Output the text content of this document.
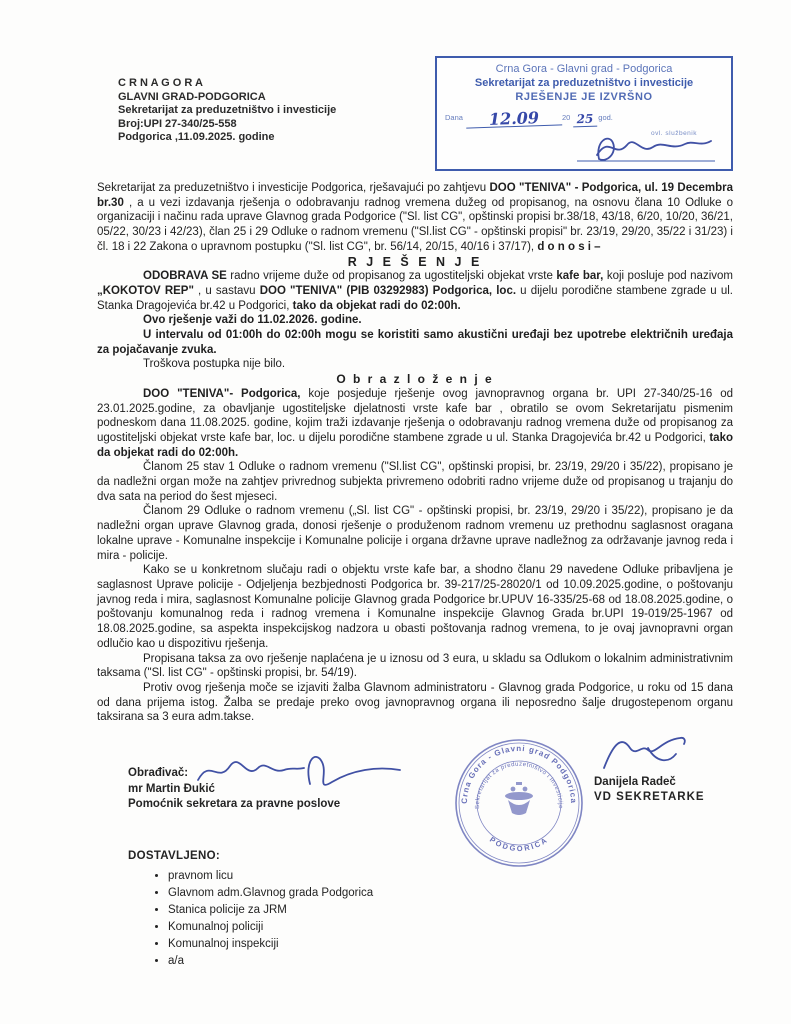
C R N A G O R A
GLAVNI GRAD-PODGORICA
Sekretarijat za preduzetništvo i investicije
Broj:UPI 27-340/25-558
Podgorica ,11.09.2025. godine
Crna Gora - Glavni grad - Podgorica
Sekretarijat za preduzetništvo i investicije
RJEŠENJE JE IZVRŠNO
Dana	12.09	20 25 god.
ovl. službenik

Sekretarijat za preduzetništvo i investicije Podgorica, rješavajući po zahtjevu DOO "TENIVA" - Podgorica, ul. 19 Decembra br.30 , a u vezi izdavanja rješenja o odobravanju radnog vremena dužeg od propisanog, na osnovu člana 10 Odluke o organizaciji i načinu rada uprave Glavnog grada Podgorice ("Sl. list CG", opštinski propisi br.38/18, 43/18, 6/20, 10/20, 36/21, 05/22, 30/23 i 42/23), član 25 i 29 Odluke o radnom vremenu ("Sl.list CG" - opštinski propisi" br. 23/19, 29/20, 35/22 i 31/23) i čl. 18 i 22 Zakona o upravnom postupku ("Sl. list CG", br. 56/14, 20/15, 40/16 i 37/17), d o n o s i –

R J E Š E N J E

ODOBRAVA SE radno vrijeme duže od propisanog za ugostiteljski objekat vrste kafe bar, koji posluje pod nazivom „KOKOTOV REP" , u sastavu DOO "TENIVA" (PIB 03292983) Podgorica, loc. u dijelu porodične stambene zgrade u ul. Stanka Dragojevića br.42 u Podgorici, tako da objekat radi do 02:00h.

Ovo rješenje važi do 11.02.2026. godine.

U intervalu od 01:00h do 02:00h mogu se koristiti samo akustični uređaji bez upotrebe električnih uređaja za pojačavanje zvuka.

Troškova postupka nije bilo.

O b r a z l o ž e n j e

DOO "TENIVA"- Podgorica, koje posjeduje rješenje ovog javnopravnog organa br. UPI 27-340/25-16 od 23.01.2025.godine, za obavljanje ugostiteljske djelatnosti vrste kafe bar , obratilo se ovom Sekretarijatu pismenim podneskom dana 11.08.2025. godine, kojim traži izdavanje rješenja o odobravanju radnog vremena duže od propisanog za ugostiteljski objekat vrste kafe bar, loc. u dijelu porodične stambene zgrade u ul. Stanka Dragojevića br.42 u Podgorici, tako da objekat radi do 02:00h.

Članom 25 stav 1 Odluke o radnom vremenu ("Sl.list CG", opštinski propisi, br. 23/19, 29/20 i 35/22), propisano je da nadležni organ može na zahtjev privrednog subjekta privremeno odobriti radno vrijeme duže od propisanog u trajanju do dva sata na period do šest mjeseci.

Članom 29 Odluke o radnom vremenu („Sl. list CG" - opštinski propisi, br. 23/19, 29/20 i 35/22), propisano je da nadležni organ uprave Glavnog grada, donosi rješenje o produženom radnom vremenu uz prethodnu saglasnost oragana lokalne uprave - Komunalne inspekcije i Komunalne policije i organa državne uprave nadležnog za održavanje javnog reda i mira - policije.

Kako se u konkretnom slučaju radi o objektu vrste kafe bar, a shodno članu 29 navedene Odluke pribavljena je saglasnost Uprave policije - Odjeljenja bezbjednosti Podgorica br. 39-217/25-28020/1 od 10.09.2025.godine, o poštovanju javnog reda i mira, saglasnost Komunalne policije Glavnog grada Podgorice br.UPUV 16-335/25-68 od 18.08.2025.godine, o poštovanju komunalnog reda i radnog vremena i Komunalne inspekcije Glavnog Grada br.UPI 19-019/25-1967 od 18.08.2025.godine, sa aspekta inspekcijskog nadzora u obasti poštovanja radnog vremena, to je ovaj javnopravni organ odlučio kao u dispozitivu rješenja.

Propisana taksa za ovo rješenje naplaćena je u iznosu od 3 eura, u skladu sa Odlukom o lokalnim administrativnim taksama ("Sl. list CG" - opštinski propisi, br. 54/19).

Protiv ovog rješenja moče se izjaviti žalba Glavnom administratoru - Glavnog grada Podgorice, u roku od 15 dana od dana prijema istog. Žalba se predaje preko ovog javnopravnog organa ili neposredno šalje drugostepenom organu taksirana sa 3 eura adm.takse.

Obrađivač:
mr Martin Đukić
Pomoćnik sekretara za pravne poslove	Crna Gora - Glavni grad Podgorica
Sekretarijat za preduzetništvo i investicije
PODGORICA
Danijela Radeč
VD SEKRETARKE
DOSTAVLJENO:
• pravnom licu
• Glavnom adm.Glavnog grada Podgorica
• Stanica policije za JRM
• Komunalnoj policiji
• Komunalnoj inspekciji
• a/a
